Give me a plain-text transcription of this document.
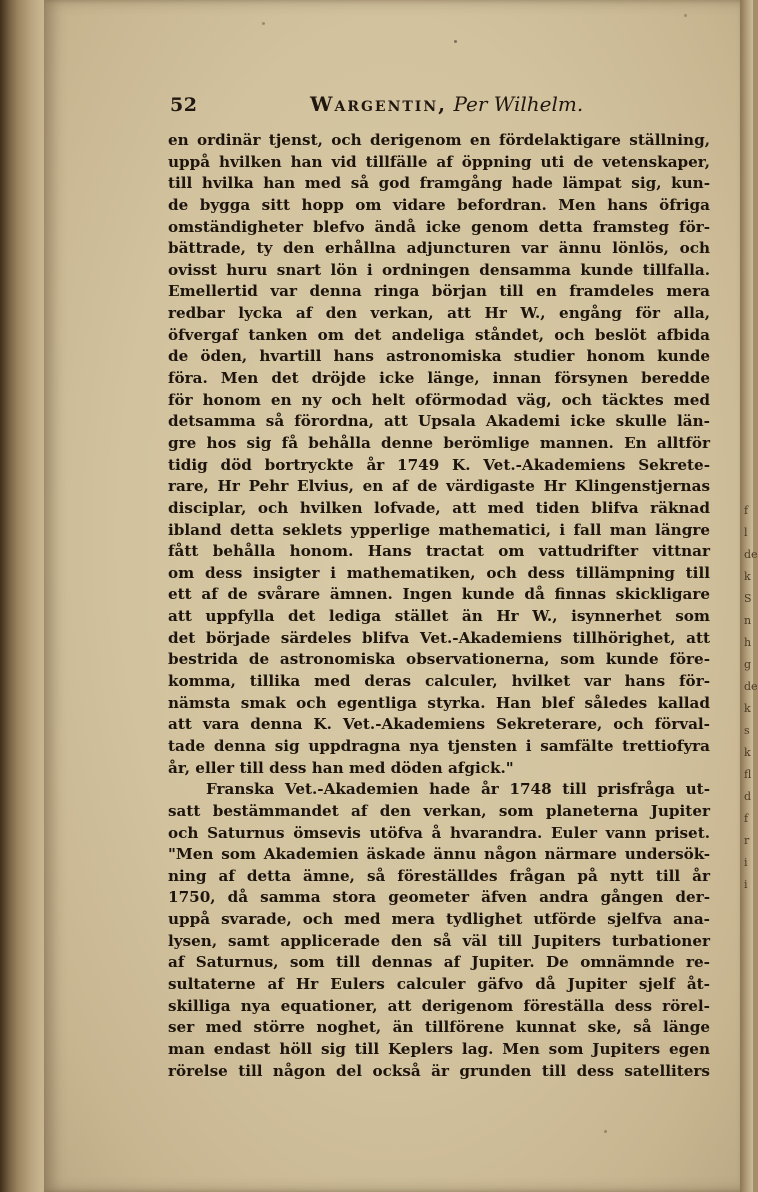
52	Wargentin, Per Wilhelm.
en ordinär tjenst, och derigenom en fördelaktigare ställning,
uppå hvilken han vid tillfälle af öppning uti de vetenskaper,
till hvilka han med så god framgång hade lämpat sig, kun-
de bygga sitt hopp om vidare befordran. Men hans öfriga
omständigheter blefvo ändå icke genom detta framsteg för-
bättrade, ty den erhållna adjuncturen var ännu lönlös, och
ovisst huru snart lön i ordningen densamma kunde tillfalla.
Emellertid var denna ringa början till en framdeles mera
redbar lycka af den verkan, att Hr W., engång för alla,
öfvergaf tanken om det andeliga ståndet, och beslöt afbida
de öden, hvartill hans astronomiska studier honom kunde
föra. Men det dröjde icke länge, innan försynen beredde
för honom en ny och helt oförmodad väg, och täcktes med
detsamma så förordna, att Upsala Akademi icke skulle län-
gre hos sig få behålla denne berömlige mannen. En alltför
tidig död bortryckte år 1749 K. Vet.-Akademiens Sekrete-
rare, Hr Pehr Elvius, en af de värdigaste Hr Klingenstjernas
disciplar, och hvilken lofvade, att med tiden blifva räknad
ibland detta seklets ypperlige mathematici, i fall man längre
fått behålla honom. Hans tractat om vattudrifter vittnar
om dess insigter i mathematiken, och dess tillämpning till
ett af de svårare ämnen. Ingen kunde då finnas skickligare
att uppfylla det lediga stället än Hr W., isynnerhet som
det började särdeles blifva Vet.-Akademiens tillhörighet, att
bestrida de astronomiska observationerna, som kunde före-
komma, tillika med deras calculer, hvilket var hans för-
nämsta smak och egentliga styrka. Han blef således kallad
att vara denna K. Vet.-Akademiens Sekreterare, och förval-
tade denna sig uppdragna nya tjensten i samfälte trettiofyra
år, eller till dess han med döden afgick."
Franska Vet.-Akademien hade år 1748 till prisfråga ut-
satt bestämmandet af den verkan, som planeterna Jupiter
och Saturnus ömsevis utöfva å hvarandra. Euler vann priset.
"Men som Akademien äskade ännu någon närmare undersök-
ning af detta ämne, så föreställdes frågan på nytt till år
1750, då samma stora geometer äfven andra gången der-
uppå svarade, och med mera tydlighet utförde sjelfva ana-
lysen, samt applicerade den så väl till Jupiters turbationer
af Saturnus, som till dennas af Jupiter. De omnämnde re-
sultaterne af Hr Eulers calculer gäfvo då Jupiter sjelf åt-
skilliga nya equationer, att derigenom föreställa dess rörel-
ser med större noghet, än tillförene kunnat ske, så länge
man endast höll sig till Keplers lag. Men som Jupiters egen
rörelse till någon del också är grunden till dess satelliters
f
l
de
k
S
n
h
g
de
k
s
k
fl
d
f
r
i
i
